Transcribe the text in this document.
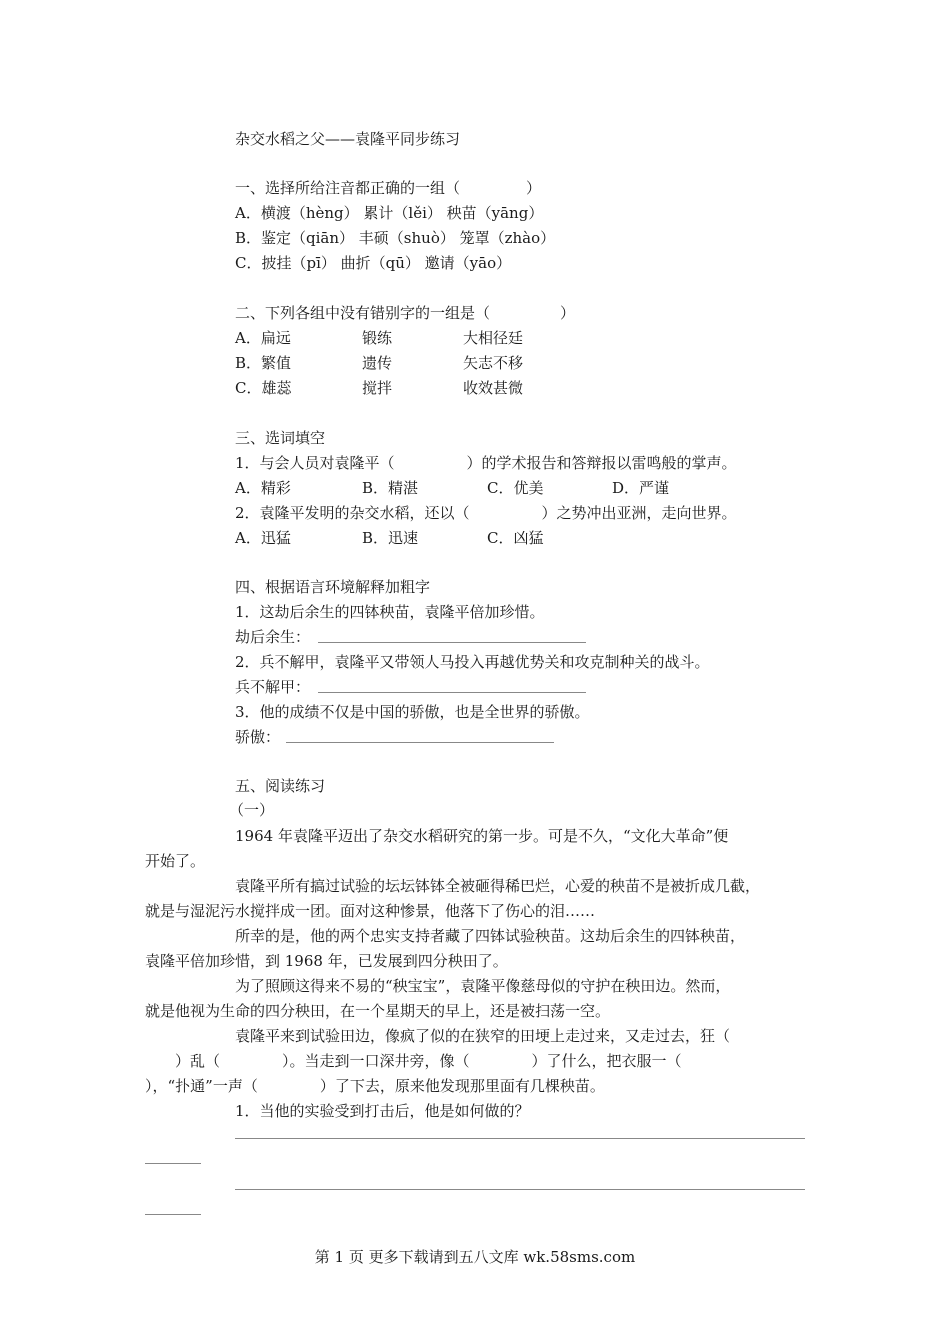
杂交水稻之父——袁隆平同步练习
一、选择所给注音都正确的一组（	）
A．横渡（hèng） 累计（lěi） 秧苗（yāng）
B．鉴定（qiān） 丰硕（shuò） 笼罩（zhào）
C．披挂（pī） 曲折（qū） 邀请（yāo）
二、下列各组中没有错别字的一组是（	）
A．扁远	锻练	大相径廷
B．繁值	遗传	矢志不移
C．雄蕊	搅拌	收效甚微
三、选词填空
1．与会人员对袁隆平（	）的学术报告和答辩报以雷鸣般的掌声。
A．精彩	B．精湛	C．优美	D．严谨
2．袁隆平发明的杂交水稻，还以（	）之势冲出亚洲，走向世界。
A．迅猛	B．迅速	C．凶猛
四、根据语言环境解释加粗字
1．这劫后余生的四钵秧苗，袁隆平倍加珍惜。
劫后余生：
2．兵不解甲，袁隆平又带领人马投入再越优势关和攻克制种关的战斗。
兵不解甲：
3．他的成绩不仅是中国的骄傲，也是全世界的骄傲。
骄傲：
五、阅读练习
（一）
1964 年袁隆平迈出了杂交水稻研究的第一步。可是不久，“文化大革命”便
开始了。
袁隆平所有搞过试验的坛坛钵钵全被砸得稀巴烂，心爱的秧苗不是被折成几截，
就是与湿泥污水搅拌成一团。面对这种惨景，他落下了伤心的泪……
所幸的是，他的两个忠实支持者藏了四钵试验秧苗。这劫后余生的四钵秧苗，
袁隆平倍加珍惜，到 1968 年，已发展到四分秧田了。
为了照顾这得来不易的“秧宝宝”，袁隆平像慈母似的守护在秧田边。然而，
就是他视为生命的四分秧田，在一个星期天的早上，还是被扫荡一空。
袁隆平来到试验田边，像疯了似的在狭窄的田埂上走过来，又走过去，狂（
）乱（	）。当走到一口深井旁，像（	）了什么，把衣服一（
），“扑通”一声（	）了下去，原来他发现那里面有几棵秧苗。
1．当他的实验受到打击后，他是如何做的？
第 1 页 更多下载请到五八文库 wk.58sms.com
